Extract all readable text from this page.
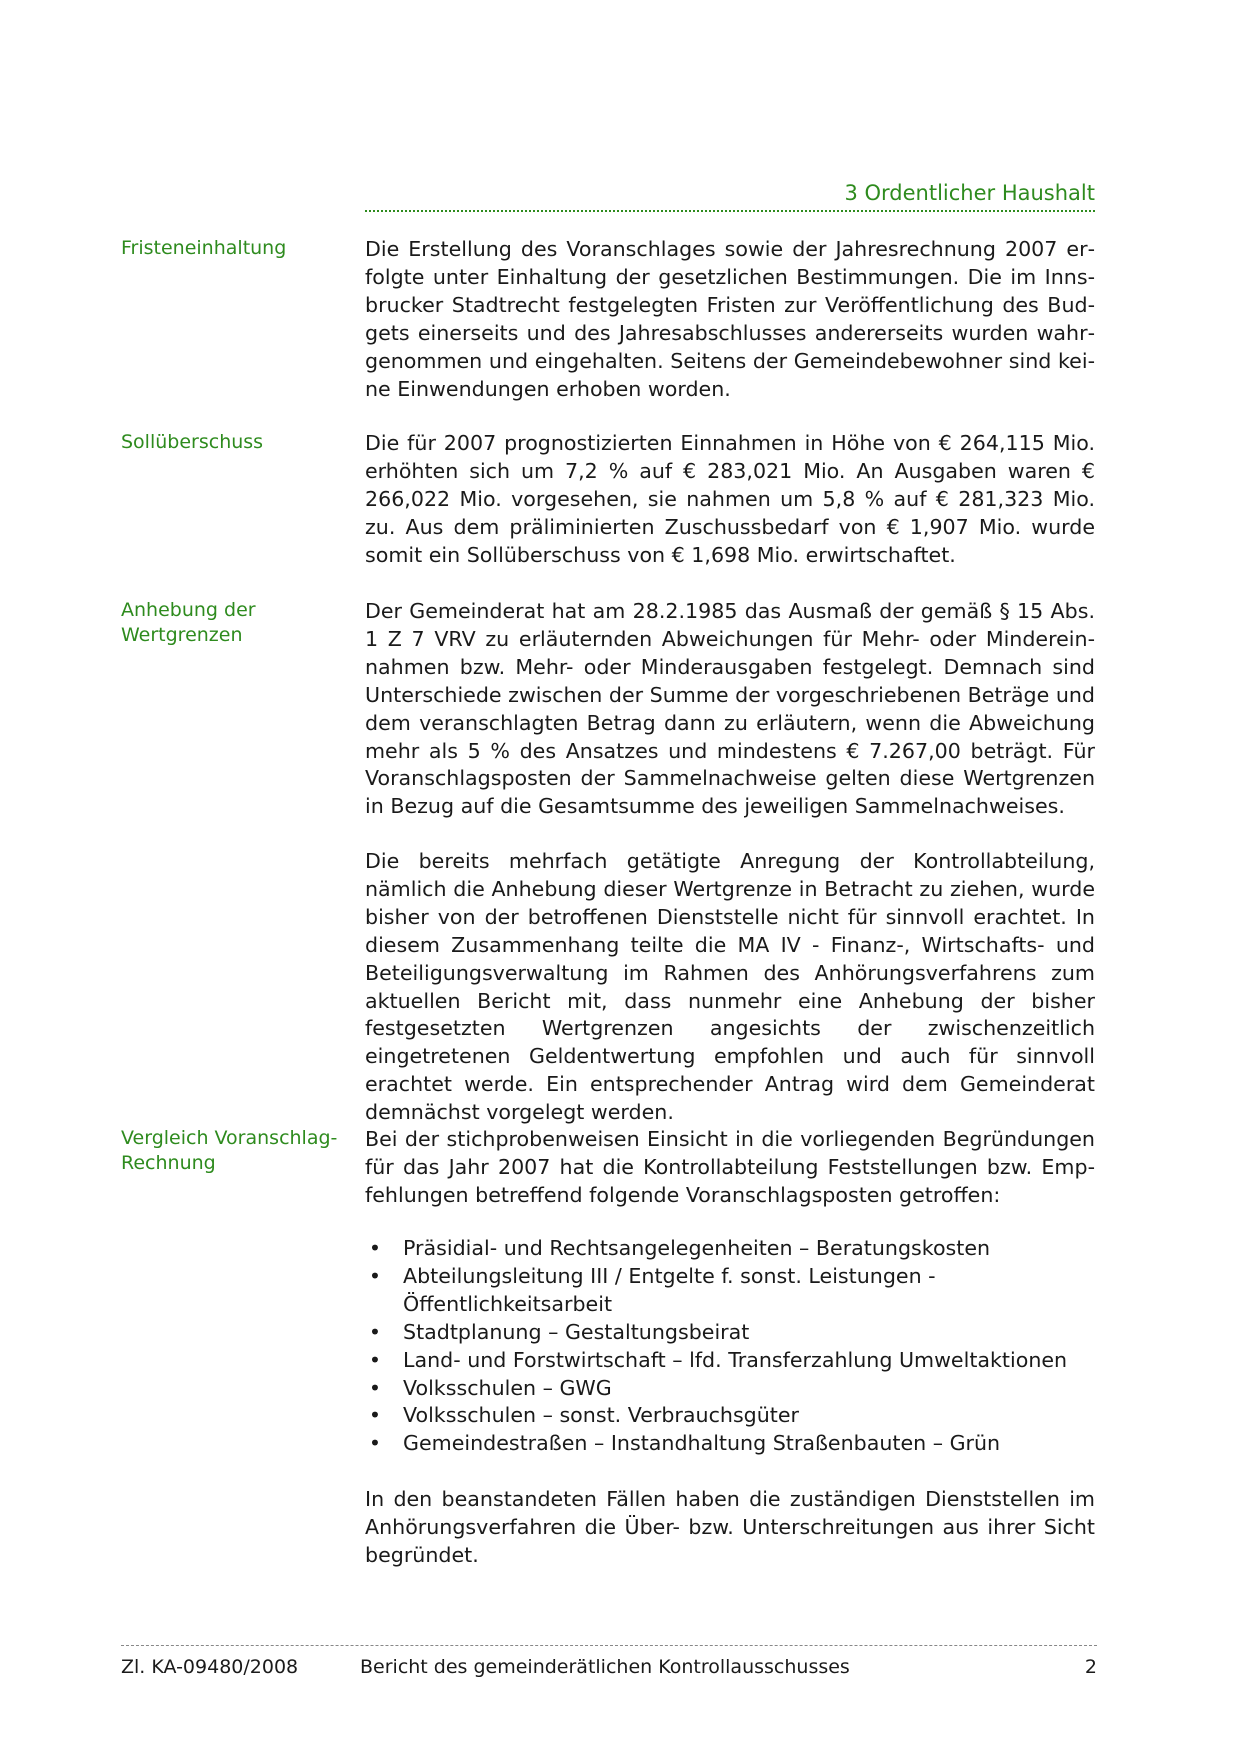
3 Ordentlicher Haushalt
Fristeneinhaltung	Die Erstellung des Voranschlages sowie der Jahresrechnung 2007 erfolgte unter Einhaltung der gesetzlichen Bestimmungen. Die im Innsbrucker Stadtrecht festgelegten Fristen zur Veröffentlichung des Budgets einerseits und des Jahresabschlusses andererseits wurden wahrgenommen und eingehalten. Seitens der Gemeindebewohner sind keine Einwendungen erhoben worden.
Sollüberschuss	Die für 2007 prognostizierten Einnahmen in Höhe von € 264,115 Mio. erhöhten sich um 7,2 % auf € 283,021 Mio. An Ausgaben waren € 266,022 Mio. vorgesehen, sie nahmen um 5,8 % auf € 281,323 Mio. zu. Aus dem präliminierten Zuschussbedarf von € 1,907 Mio. wurde somit ein Sollüberschuss von € 1,698 Mio. erwirtschaftet.
Anhebung der Wertgrenzen
Der Gemeinderat hat am 28.2.1985 das Ausmaß der gemäß § 15 Abs. 1 Z 7 VRV zu erläuternden Abweichungen für Mehr- oder Mindereinnahmen bzw. Mehr- oder Minderausgaben festgelegt. Demnach sind Unterschiede zwischen der Summe der vorgeschriebenen Beträge und dem veranschlagten Betrag dann zu erläutern, wenn die Abweichung mehr als 5 % des Ansatzes und mindestens € 7.267,00 beträgt. Für Voranschlagsposten der Sammelnachweise gelten diese Wertgrenzen in Bezug auf die Gesamtsumme des jeweiligen Sammelnachweises.
Die bereits mehrfach getätigte Anregung der Kontrollabteilung, nämlich die Anhebung dieser Wertgrenze in Betracht zu ziehen, wurde bisher von der betroffenen Dienststelle nicht für sinnvoll erachtet. In diesem Zusammenhang teilte die MA IV - Finanz-, Wirtschafts- und Beteiligungsverwaltung im Rahmen des Anhörungsverfahrens zum aktuellen Bericht mit, dass nunmehr eine Anhebung der bisher festgesetzten Wertgrenzen angesichts der zwischenzeitlich eingetretenen Geldentwertung empfohlen und auch für sinnvoll erachtet werde. Ein entsprechender Antrag wird dem Gemeinderat demnächst vorgelegt werden.
Vergleich Voranschlag-Rechnung
Bei der stichprobenweisen Einsicht in die vorliegenden Begründungen für das Jahr 2007 hat die Kontrollabteilung Feststellungen bzw. Empfehlungen betreffend folgende Voranschlagsposten getroffen:
• Präsidial- und Rechtsangelegenheiten – Beratungskosten
• Abteilungsleitung III / Entgelte f. sonst. Leistungen - Öffentlichkeitsarbeit
• Stadtplanung – Gestaltungsbeirat
• Land- und Forstwirtschaft – lfd. Transferzahlung Umweltaktionen
• Volksschulen – GWG
• Volksschulen – sonst. Verbrauchsgüter
• Gemeindestraßen – Instandhaltung Straßenbauten – Grün
In den beanstandeten Fällen haben die zuständigen Dienststellen im Anhörungsverfahren die Über- bzw. Unterschreitungen aus ihrer Sicht begründet.
Zl. KA-09480/2008	Bericht des gemeinderätlichen Kontrollausschusses	2
